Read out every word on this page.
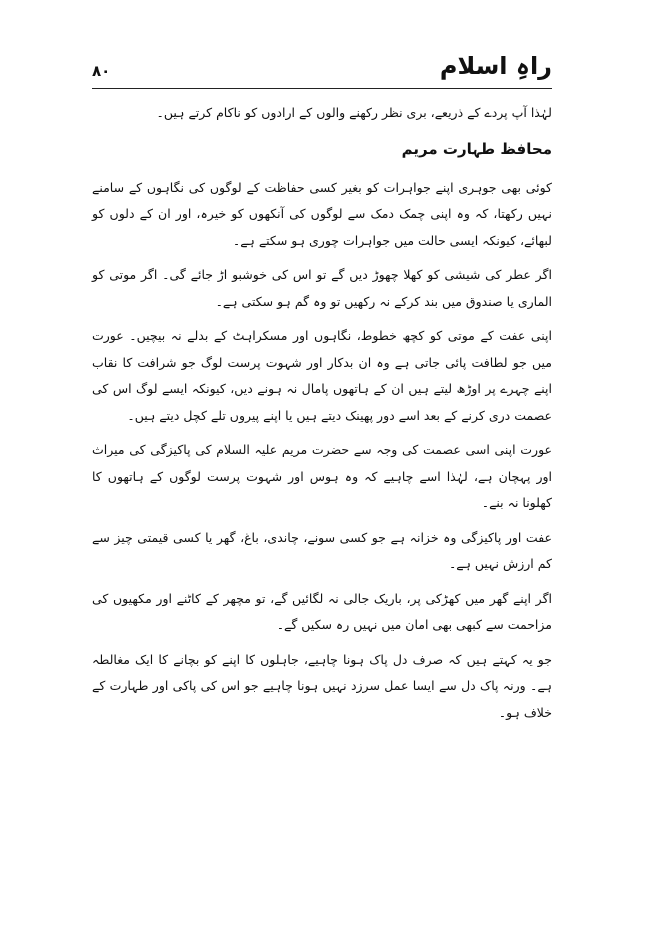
۸۰	راہِ اسلام

لہٰذا آپ پردے کے ذریعے، بری نظر رکھنے والوں کے ارادوں کو ناکام کرتے ہیں۔

محافظ طہارت مریم

کوئی بھی جوہری اپنے جواہرات کو بغیر کسی حفاظت کے لوگوں کی نگاہوں کے سامنے نہیں رکھتا، کہ وہ اپنی چمک دمک سے لوگوں کی آنکھوں کو خیرہ، اور ان کے دلوں کو لبھائے، کیونکہ ایسی حالت میں جواہرات چوری ہو سکتے ہے۔

اگر عطر کی شیشی کو کھلا چھوڑ دیں گے تو اس کی خوشبو اڑ جائے گی۔ اگر موتی کو الماری یا صندوق میں بند کرکے نہ رکھیں تو وہ گم ہو سکتی ہے۔

اپنی عفت کے موتی کو کچھ خطوط، نگاہوں اور مسکراہٹ کے بدلے نہ بیچیں۔ عورت میں جو لطافت پائی جاتی ہے وہ ان بدکار اور شہوت پرست لوگ جو شرافت کا نقاب اپنے چہرے پر اوڑھ لیتے ہیں ان کے ہاتھوں پامال نہ ہونے دیں، کیونکہ ایسے لوگ اس کی عصمت دری کرنے کے بعد اسے دور پھینک دیتے ہیں یا اپنے پیروں تلے کچل دیتے ہیں۔

عورت اپنی اسی عصمت کی وجہ سے حضرت مریم علیہ السلام کی پاکیزگی کی میراث اور پہچان ہے، لہٰذا اسے چاہیے کہ وہ ہوس اور شہوت پرست لوگوں کے ہاتھوں کا کھلونا نہ بنے۔

عفت اور پاکیزگی وہ خزانہ ہے جو کسی سونے، چاندی، باغ، گھر یا کسی قیمتی چیز سے کم ارزش نہیں ہے۔

اگر اپنے گھر میں کھڑکی پر، باریک جالی نہ لگائیں گے، تو مچھر کے کاٹنے اور مکھیوں کی مزاحمت سے کبھی بھی امان میں نہیں رہ سکیں گے۔

جو یہ کہتے ہیں کہ صرف دل پاک ہونا چاہیے، جاہلوں کا اپنے کو بچانے کا ایک مغالطہ ہے۔ ورنہ پاک دل سے ایسا عمل سرزد نہیں ہونا چاہیے جو اس کی پاکی اور طہارت کے خلاف ہو۔
